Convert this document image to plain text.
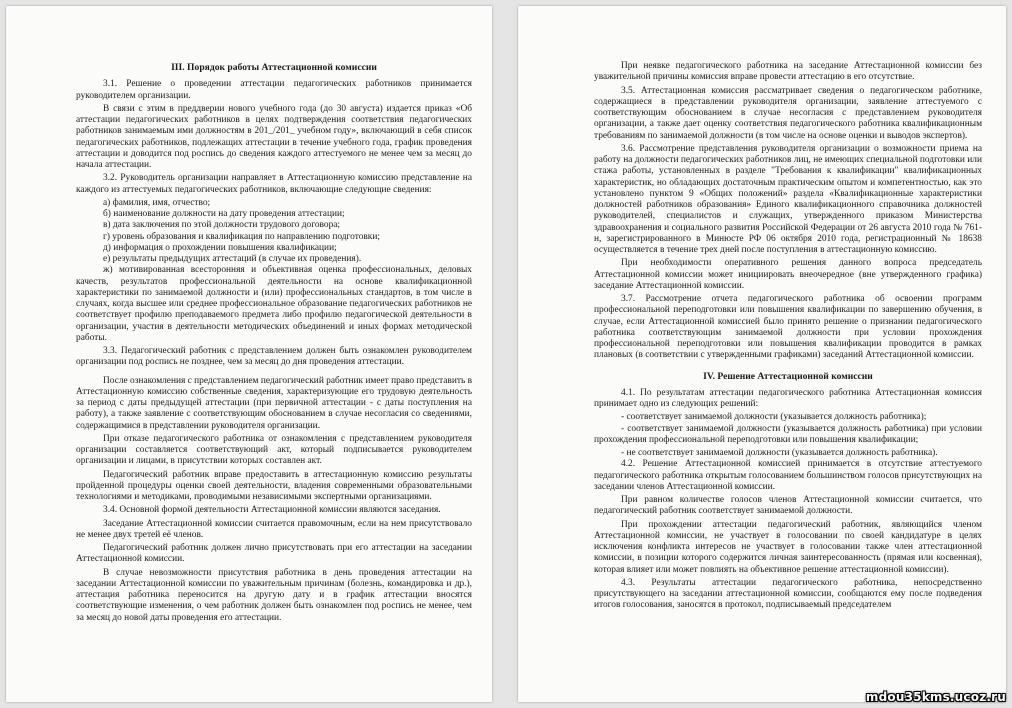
III. Порядок работы Аттестационной комиссии

3.1. Решение о проведении аттестации педагогических работников принимается руководителем организации.

В связи с этим в преддверии нового учебного года (до 30 августа) издается приказ «Об аттестации педагогических работников в целях подтверждения соответствия педагогических работников занимаемым ими должностям в 201_/201_ учебном году», включающий в себя список педагогических работников, подлежащих аттестации в течение учебного года, график проведения аттестации и доводится под роспись до сведения каждого аттестуемого не менее чем за месяц до начала аттестации.

3.2. Руководитель организации направляет в Аттестационную комиссию представление на каждого из аттестуемых педагогических работников, включающие следующие сведения:

а) фамилия, имя, отчество;

б) наименование должности на дату проведения аттестации;

в) дата заключения по этой должности трудового договора;

г) уровень образования и квалификация по направлению подготовки;

д) информация о прохождении повышения квалификации;

е) результаты предыдущих аттестаций (в случае их проведения).

ж) мотивированная всесторонняя и объективная оценка профессиональных, деловых качеств, результатов профессиональной деятельности на основе квалификационной характеристики по занимаемой должности и (или) профессиональных стандартов, в том числе в случаях, когда высшее или среднее профессиональное образование педагогических работников не соответствует профилю преподаваемого предмета либо профилю педагогической деятельности в организации, участия в деятельности методических объединений и иных формах методической работы.

3.3. Педагогический работник с представлением должен быть ознакомлен руководителем организации под роспись не позднее, чем за месяц до дня проведения аттестации.

После ознакомления с представлением педагогический работник имеет право представить в Аттестационную комиссию собственные сведения, характеризующие его трудовую деятельность за период с даты предыдущей аттестации (при первичной аттестации - с даты поступления на работу), а также заявление с соответствующим обоснованием в случае несогласия со сведениями, содержащимися в представлении руководителя организации.

При отказе педагогического работника от ознакомления с представлением руководителя организации составляется соответствующий акт, который подписывается руководителем организации и лицами, в присутствии которых составлен акт.

Педагогический работник вправе предоставить в аттестационную комиссию результаты пройденной процедуры оценки своей деятельности, владения современными образовательными технологиями и методиками, проводимыми независимыми экспертными организациями.

3.4. Основной формой деятельности Аттестационной комиссии являются заседания.

Заседание Аттестационной комиссии считается правомочным, если на нем присутствовало не менее двух третей её членов.

Педагогический работник должен лично присутствовать при его аттестации на заседании Аттестационной комиссии.

В случае невозможности присутствия работника в день проведения аттестации на заседании Аттестационной комиссии по уважительным причинам (болезнь, командировка и др.), аттестация работника переносится на другую дату и в график аттестации вносятся соответствующие изменения, о чем работник должен быть ознакомлен под роспись не менее, чем за месяц до новой даты проведения его аттестации.

При неявке педагогического работника на заседание Аттестационной комиссии без уважительной причины комиссия вправе провести аттестацию в его отсутствие.

3.5. Аттестационная комиссия рассматривает сведения о педагогическом работнике, содержащиеся в представлении руководителя организации, заявление аттестуемого с соответствующим обоснованием в случае несогласия с представлением руководителя организации, а также дает оценку соответствия педагогического работника квалификационным требованиям по занимаемой должности (в том числе на основе оценки и выводов экспертов).

3.6. Рассмотрение представления руководителя организации о возможности приема на работу на должности педагогических работников лиц, не имеющих специальной подготовки или стажа работы, установленных в разделе "Требования к квалификации" квалификационных характеристик, но обладающих достаточным практическим опытом и компетентностью, как это установлено пунктом 9 «Общих положений» раздела «Квалификационные характеристики должностей работников образования» Единого квалификационного справочника должностей руководителей, специалистов и служащих, утвержденного приказом Министерства здравоохранения и социального развития Российской Федерации от 26 августа 2010 года № 761-н, зарегистрированного в Минюсте РФ 06 октября 2010 года, регистрационный № 18638 осуществляется в течение трех дней после поступления в аттестационную комиссию.

При необходимости оперативного решения данного вопроса председатель Аттестационной комиссии может инициировать внеочередное (вне утвержденного графика) заседание Аттестационной комиссии.

3.7. Рассмотрение отчета педагогического работника об освоении программ профессиональной переподготовки или повышения квалификации по завершению обучения, в случае, если Аттестационной комиссией было принято решение о признании педагогического работника соответствующим занимаемой должности при условии прохождения профессиональной переподготовки или повышения квалификации проводится в рамках плановых (в соответствии с утвержденными графиками) заседаний Аттестационной комиссии.

IV. Решение Аттестационной комиссии

4.1. По результатам аттестации педагогического работника Аттестационная комиссия принимает одно из следующих решений:

- соответствует занимаемой должности (указывается должность работника);

- соответствует занимаемой должности (указывается должность работника) при условии прохождения профессиональной переподготовки или повышения квалификации;

- не соответствует занимаемой должности (указывается должность работника).

4.2. Решение Аттестационной комиссией принимается в отсутствие аттестуемого педагогического работника открытым голосованием большинством голосов присутствующих на заседании членов Аттестационной комиссии.

При равном количестве голосов членов Аттестационной комиссии считается, что педагогический работник соответствует занимаемой должности.

При прохождении аттестации педагогический работник, являющийся членом Аттестационной комиссии, не участвует в голосовании по своей кандидатуре в целях исключения конфликта интересов не участвует в голосовании также член аттестационной комиссии, в позиции которого содержится личная заинтересованность (прямая или косвенная), которая влияет или может повлиять на объективное решение аттестационной комиссии).

4.3. Результаты аттестации педагогического работника, непосредственно присутствующего на заседании аттестационной комиссии, сообщаются ему после подведения итогов голосования, заносятся в протокол, подписываемый председателем

mdou35kms.ucoz.ru
